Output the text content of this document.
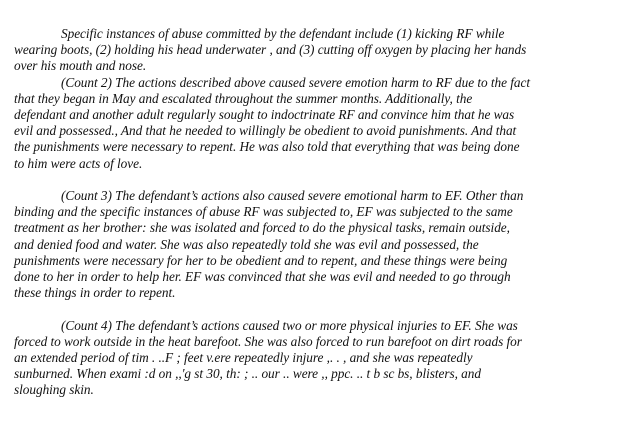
Specific instances of abuse committed by the defendant include (1) kicking RF while
wearing boots, (2) holding his head underwater , and (3) cutting off oxygen by placing her hands
over his mouth and nose.
(Count 2) The actions described above caused severe emotion harm to RF due to the fact
that they began in May and escalated throughout the summer months. Additionally, the
defendant and another adult regularly sought to indoctrinate RF and convince him that he was
evil and possessed., And that he needed to willingly be obedient to avoid punishments. And that
the punishments were necessary to repent. He was also told that everything that was being done
to him were acts of love.
(Count 3) The defendant’s actions also caused severe emotional harm to EF. Other than
binding and the specific instances of abuse RF was subjected to, EF was subjected to the same
treatment as her brother: she was isolated and forced to do the physical tasks, remain outside,
and denied food and water. She was also repeatedly told she was evil and possessed, the
punishments were necessary for her to be obedient and to repent, and these things were being
done to her in order to help her. EF was convinced that she was evil and needed to go through
these things in order to repent.
(Count 4) The defendant’s actions caused two or more physical injuries to EF. She was
forced to work outside in the heat barefoot. She was also forced to run barefoot on dirt roads for
an extended period of tim . ..F ; feet v.ere repeatedly injure ,. . , and she was repeatedly
sunburned. When exami :d on ,,'g st 30, th: ; .. our .. were ,, ppc. .. t b sc bs, blisters, and
sloughing skin.
